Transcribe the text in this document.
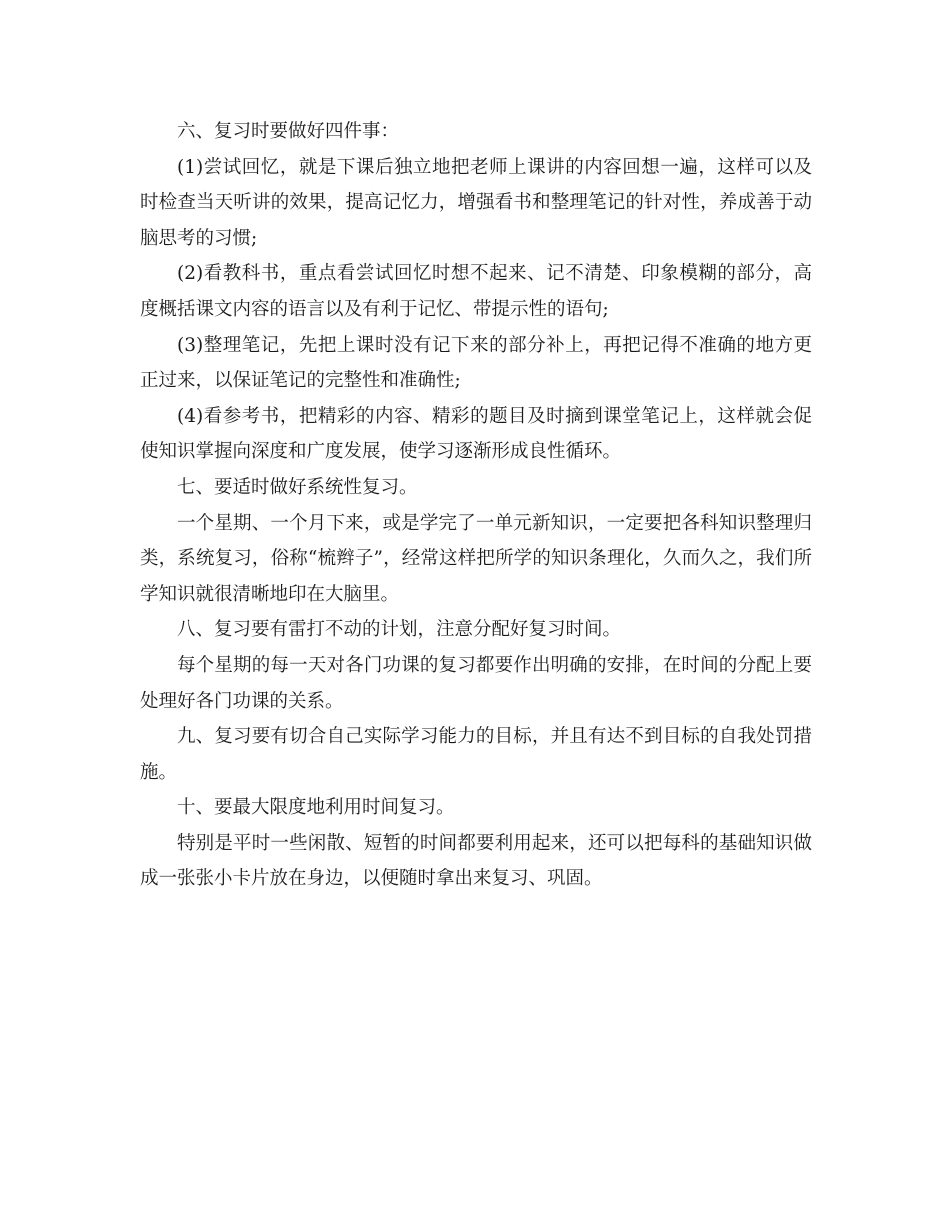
六、复习时要做好四件事：

(1)尝试回忆，就是下课后独立地把老师上课讲的内容回想一遍，这样可以及时检查当天听讲的效果，提高记忆力，增强看书和整理笔记的针对性，养成善于动脑思考的习惯;

(2)看教科书，重点看尝试回忆时想不起来、记不清楚、印象模糊的部分，高度概括课文内容的语言以及有利于记忆、带提示性的语句;

(3)整理笔记，先把上课时没有记下来的部分补上，再把记得不准确的地方更正过来，以保证笔记的完整性和准确性;

(4)看参考书，把精彩的内容、精彩的题目及时摘到课堂笔记上，这样就会促使知识掌握向深度和广度发展，使学习逐渐形成良性循环。

七、要适时做好系统性复习。

一个星期、一个月下来，或是学完了一单元新知识，一定要把各科知识整理归类，系统复习，俗称“梳辫子”，经常这样把所学的知识条理化，久而久之，我们所学知识就很清晰地印在大脑里。

八、复习要有雷打不动的计划，注意分配好复习时间。

每个星期的每一天对各门功课的复习都要作出明确的安排，在时间的分配上要处理好各门功课的关系。

九、复习要有切合自己实际学习能力的目标，并且有达不到目标的自我处罚措施。

十、要最大限度地利用时间复习。

特别是平时一些闲散、短暂的时间都要利用起来，还可以把每科的基础知识做成一张张小卡片放在身边，以便随时拿出来复习、巩固。
